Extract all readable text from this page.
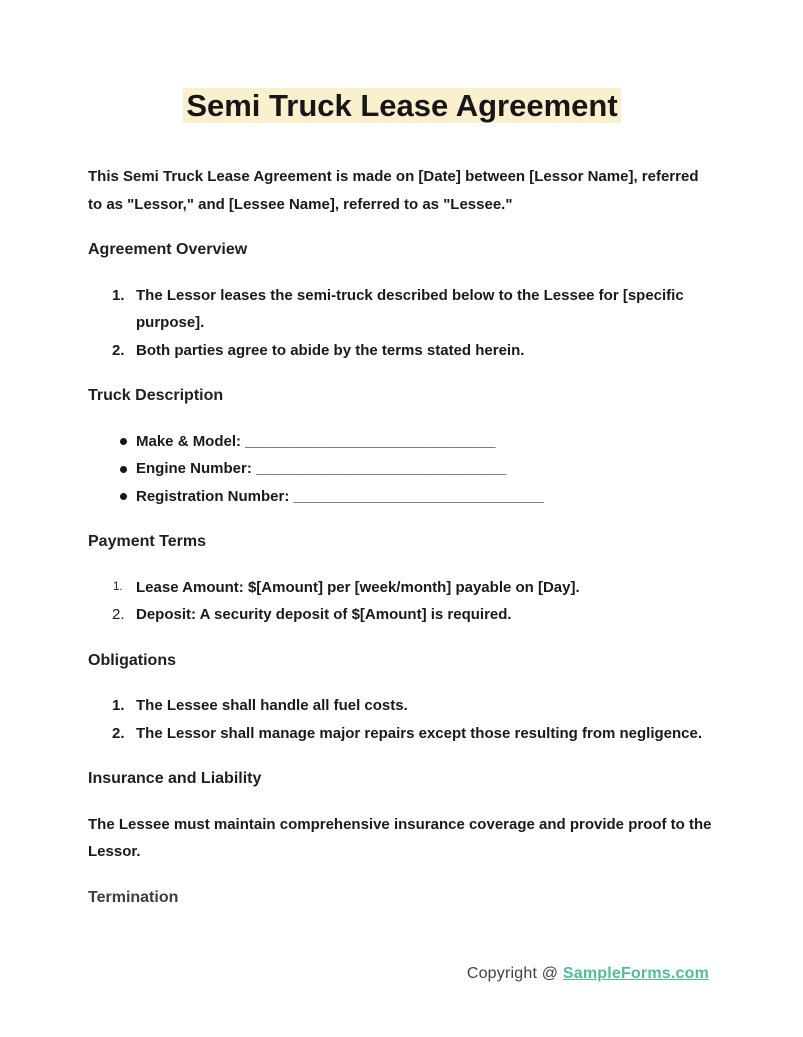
Semi Truck Lease Agreement

This Semi Truck Lease Agreement is made on [Date] between [Lessor Name], referred to as "Lessor," and [Lessee Name], referred to as "Lessee."

Agreement Overview
1. The Lessor leases the semi-truck described below to the Lessee for [specific purpose].
2. Both parties agree to abide by the terms stated herein.
Truck Description
Make & Model: ______________________________
Engine Number: ______________________________
Registration Number: ______________________________
Payment Terms
1. Lease Amount: $[Amount] per [week/month] payable on [Day].
2. Deposit: A security deposit of $[Amount] is required.
Obligations
1. The Lessee shall handle all fuel costs.
2. The Lessor shall manage major repairs except those resulting from negligence.
Insurance and Liability

The Lessee must maintain comprehensive insurance coverage and provide proof to the Lessor.

Termination
Copyright @ SampleForms.com
